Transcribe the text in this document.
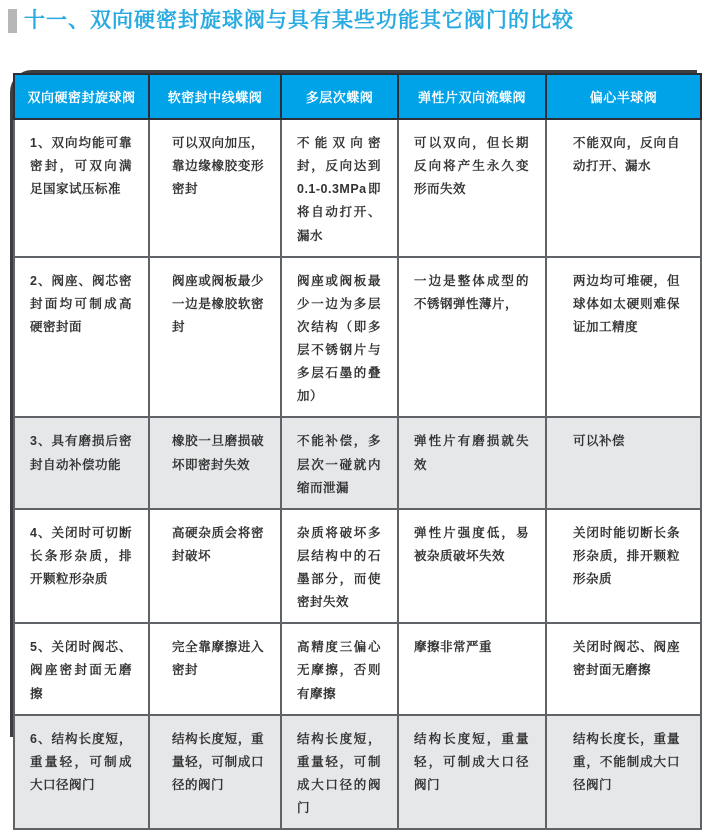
十一、双向硬密封旋球阀与具有某些功能其它阀门的比较
双向硬密封旋球阀	软密封中线蝶阀	多层次蝶阀	弹性片双向流蝶阀	偏心半球阀
1、双向均能可靠密封，可双向满足国家试压标准	可以双向加压，靠边缘橡胶变形密封	不能双向密封，反向达到0.1-0.3MPa即将自动打开、漏水	可以双向，但长期反向将产生永久变形而失效	不能双向，反向自动打开、漏水
2、阀座、阀芯密封面均可制成高硬密封面	阀座或阀板最少一边是橡胶软密封	阀座或阀板最少一边为多层次结构（即多层不锈钢片与多层石墨的叠加）	一边是整体成型的不锈钢弹性薄片，	两边均可堆硬，但球体如太硬则难保证加工精度
3、具有磨损后密封自动补偿功能	橡胶一旦磨损破坏即密封失效	不能补偿，多层次一碰就内缩而泄漏	弹性片有磨损就失效	可以补偿
4、关闭时可切断长条形杂质，排开颗粒形杂质	高硬杂质会将密封破坏	杂质将破坏多层结构中的石墨部分，而使密封失效	弹性片强度低，易被杂质破坏失效	关闭时能切断长条形杂质，排开颗粒形杂质
5、关闭时阀芯、阀座密封面无磨擦	完全靠摩擦进入密封	高精度三偏心无摩擦，否则有摩擦	摩擦非常严重	关闭时阀芯、阀座密封面无磨擦
6、结构长度短，重量轻，可制成大口径阀门	结构长度短，重量轻，可制成口径的阀门	结构长度短，重量轻，可制成大口径的阀门	结构长度短，重量轻，可制成大口径阀门	结构长度长，重量重，不能制成大口径阀门
